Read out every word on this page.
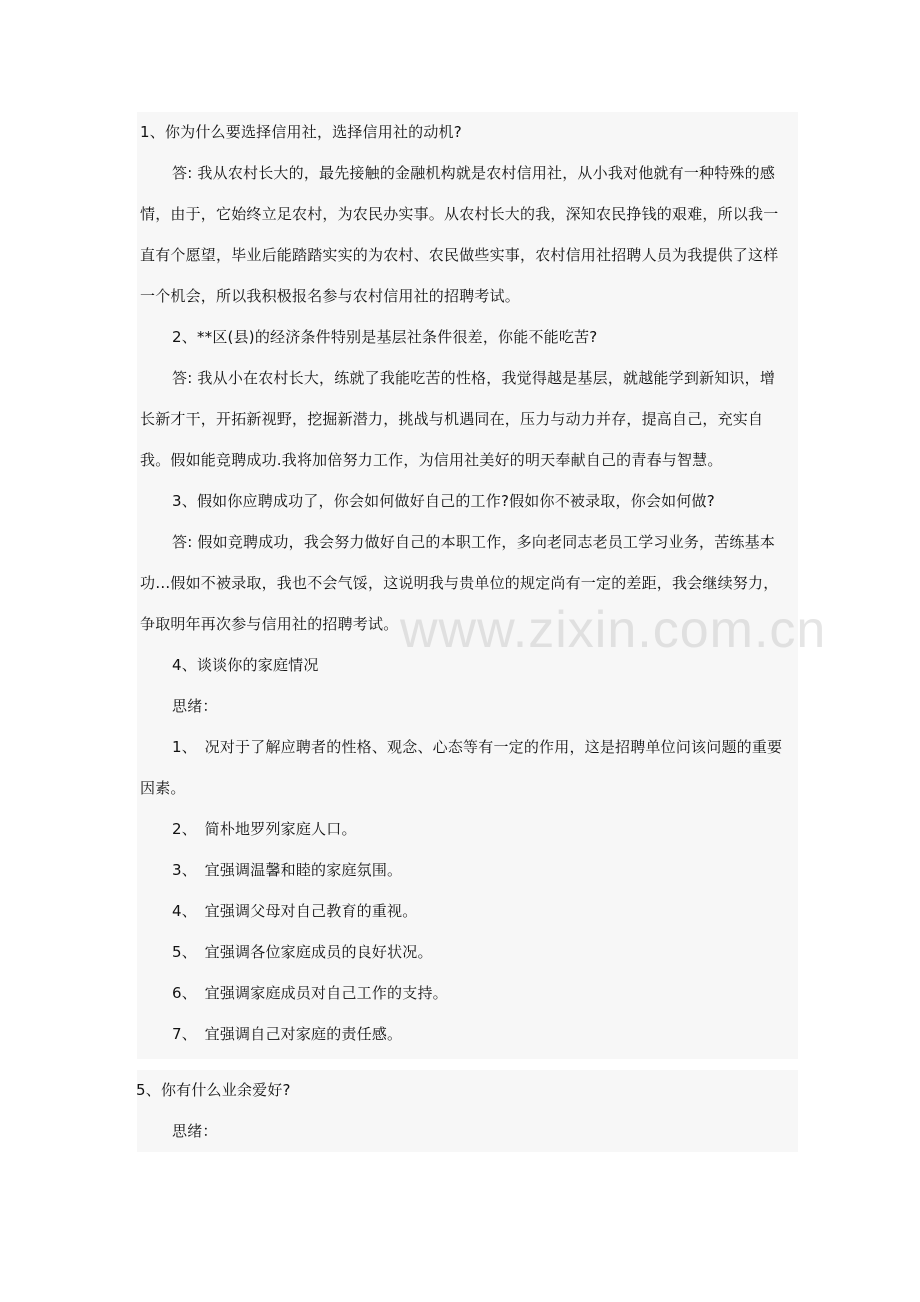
1、你为什么要选择信用社，选择信用社的动机?

答: 我从农村长大的，最先接触的金融机构就是农村信用社，从小我对他就有一种特殊的感情，由于，它始终立足农村，为农民办实事。从农村长大的我，深知农民挣钱的艰难，所以我一直有个愿望，毕业后能踏踏实实的为农村、农民做些实事，农村信用社招聘人员为我提供了这样一个机会，所以我积极报名参与农村信用社的招聘考试。

2、**区(县)的经济条件特别是基层社条件很差，你能不能吃苦?

答: 我从小在农村长大，练就了我能吃苦的性格，我觉得越是基层，就越能学到新知识，增长新才干，开拓新视野，挖掘新潜力，挑战与机遇同在，压力与动力并存，提高自己，充实自我。假如能竞聘成功.我将加倍努力工作，为信用社美好的明天奉献自己的青春与智慧。

3、假如你应聘成功了，你会如何做好自己的工作?假如你不被录取，你会如何做?

答: 假如竞聘成功，我会努力做好自己的本职工作，多向老同志老员工学习业务，苦练基本功…假如不被录取，我也不会气馁，这说明我与贵单位的规定尚有一定的差距，我会继续努力，争取明年再次参与信用社的招聘考试。

4、谈谈你的家庭情况

思绪：

1、　况对于了解应聘者的性格、观念、心态等有一定的作用，这是招聘单位问该问题的重要因素。

2、　简朴地罗列家庭人口。

3、　宜强调温馨和睦的家庭氛围。

4、　宜强调父母对自己教育的重视。

5、　宜强调各位家庭成员的良好状况。

6、　宜强调家庭成员对自己工作的支持。

7、　宜强调自己对家庭的责任感。

5、你有什么业余爱好?

思绪：

www.zixin.com.cn
